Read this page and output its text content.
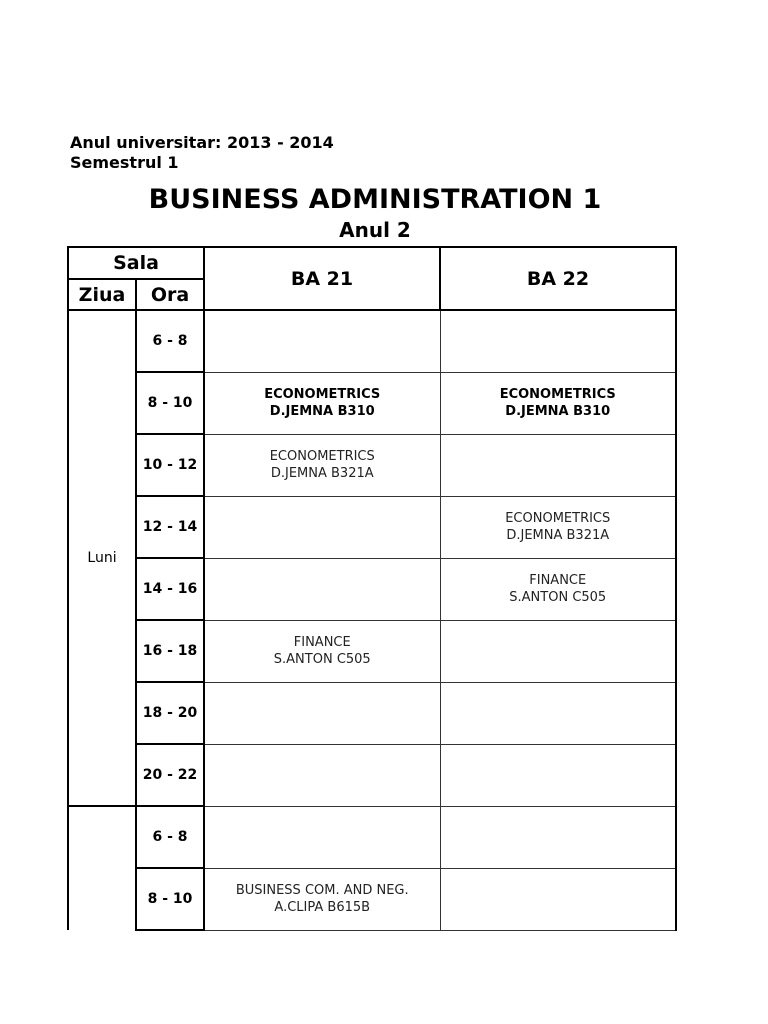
Anul universitar: 2013 - 2014
Semestrul 1
BUSINESS ADMINISTRATION 1
Anul 2
Sala		BA 21	BA 22
Ziua	Ora		
Luni	6 - 8	

	8 - 10	ECONOMETRICS
D.JEMNA B310	ECONOMETRICS
D.JEMNA B310

	10 - 12	ECONOMETRICS
D.JEMNA B321A	

	12 - 14		ECONOMETRICS
D.JEMNA B321A

	14 - 16		FINANCE
S.ANTON C505

	16 - 18	FINANCE
S.ANTON C505	

	18 - 20	

	20 - 22	

	6 - 8	

	8 - 10	BUSINESS COM. AND NEG.
A.CLIPA B615B	
